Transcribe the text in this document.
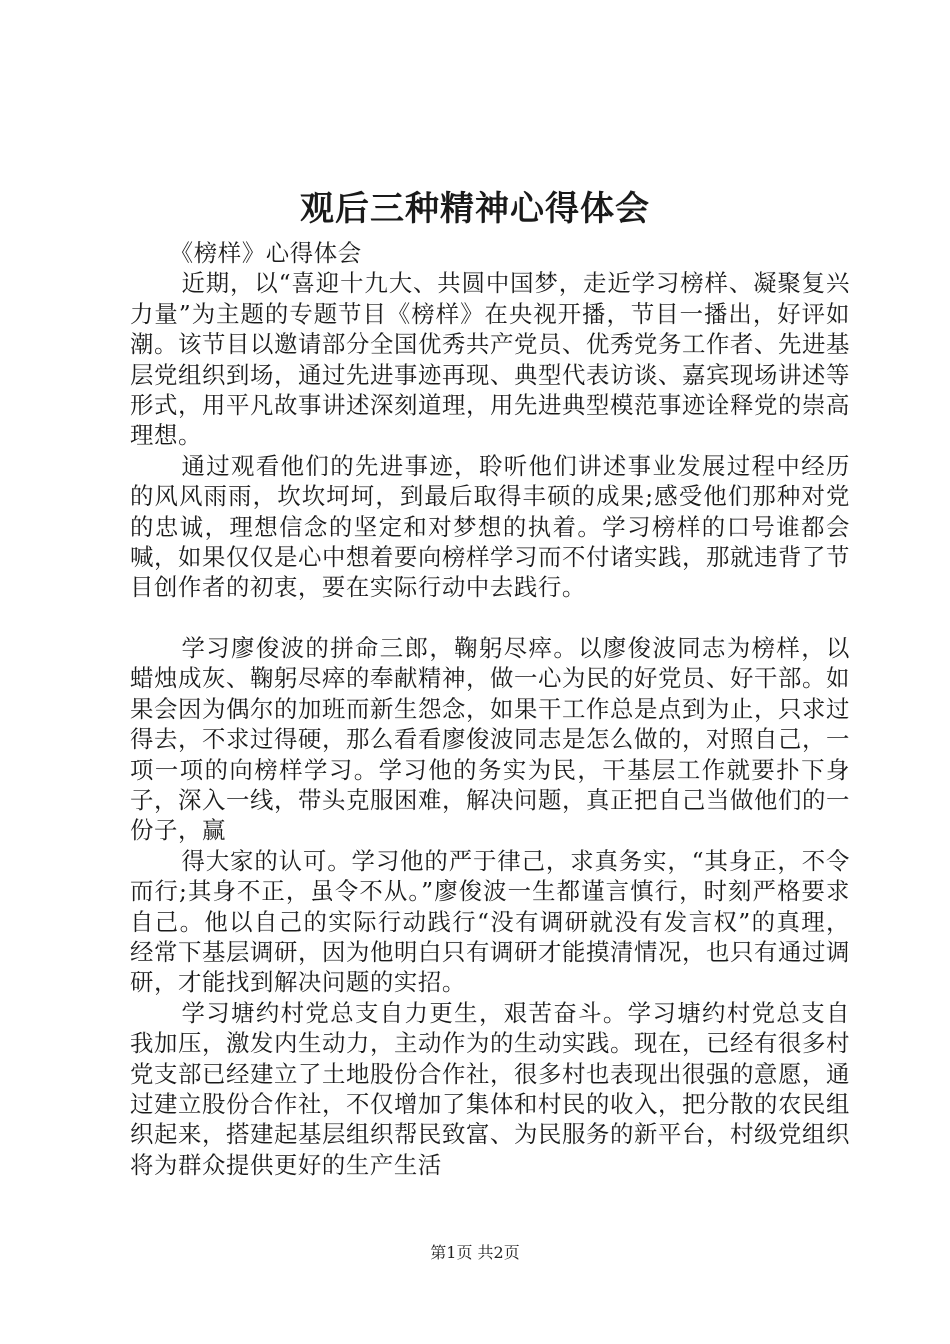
观后三种精神心得体会

《榜样》心得体会

近期，以“喜迎十九大、共圆中国梦，走近学习榜样、凝聚复兴力量”为主题的专题节目《榜样》在央视开播，节目一播出，好评如潮。该节目以邀请部分全国优秀共产党员、优秀党务工作者、先进基层党组织到场，通过先进事迹再现、典型代表访谈、嘉宾现场讲述等形式，用平凡故事讲述深刻道理，用先进典型模范事迹诠释党的崇高理想。

通过观看他们的先进事迹，聆听他们讲述事业发展过程中经历的风风雨雨，坎坎坷坷，到最后取得丰硕的成果;感受他们那种对党的忠诚，理想信念的坚定和对梦想的执着。学习榜样的口号谁都会喊，如果仅仅是心中想着要向榜样学习而不付诸实践，那就违背了节目创作者的初衷，要在实际行动中去践行。

学习廖俊波的拼命三郎，鞠躬尽瘁。以廖俊波同志为榜样，以蜡烛成灰、鞠躬尽瘁的奉献精神，做一心为民的好党员、好干部。如果会因为偶尔的加班而新生怨念，如果干工作总是点到为止，只求过得去，不求过得硬，那么看看廖俊波同志是怎么做的，对照自己，一项一项的向榜样学习。学习他的务实为民，干基层工作就要扑下身子，深入一线，带头克服困难，解决问题，真正把自己当做他们的一份子，赢

得大家的认可。学习他的严于律己，求真务实，“其身正，不令而行;其身不正，虽令不从。”廖俊波一生都谨言慎行，时刻严格要求自己。他以自己的实际行动践行“没有调研就没有发言权”的真理，经常下基层调研，因为他明白只有调研才能摸清情况，也只有通过调研，才能找到解决问题的实招。

学习塘约村党总支自力更生，艰苦奋斗。学习塘约村党总支自我加压，激发内生动力，主动作为的生动实践。现在，已经有很多村党支部已经建立了土地股份合作社，很多村也表现出很强的意愿，通过建立股份合作社，不仅增加了集体和村民的收入，把分散的农民组织起来，搭建起基层组织帮民致富、为民服务的新平台，村级党组织将为群众提供更好的生产生活

第1页 共2页
